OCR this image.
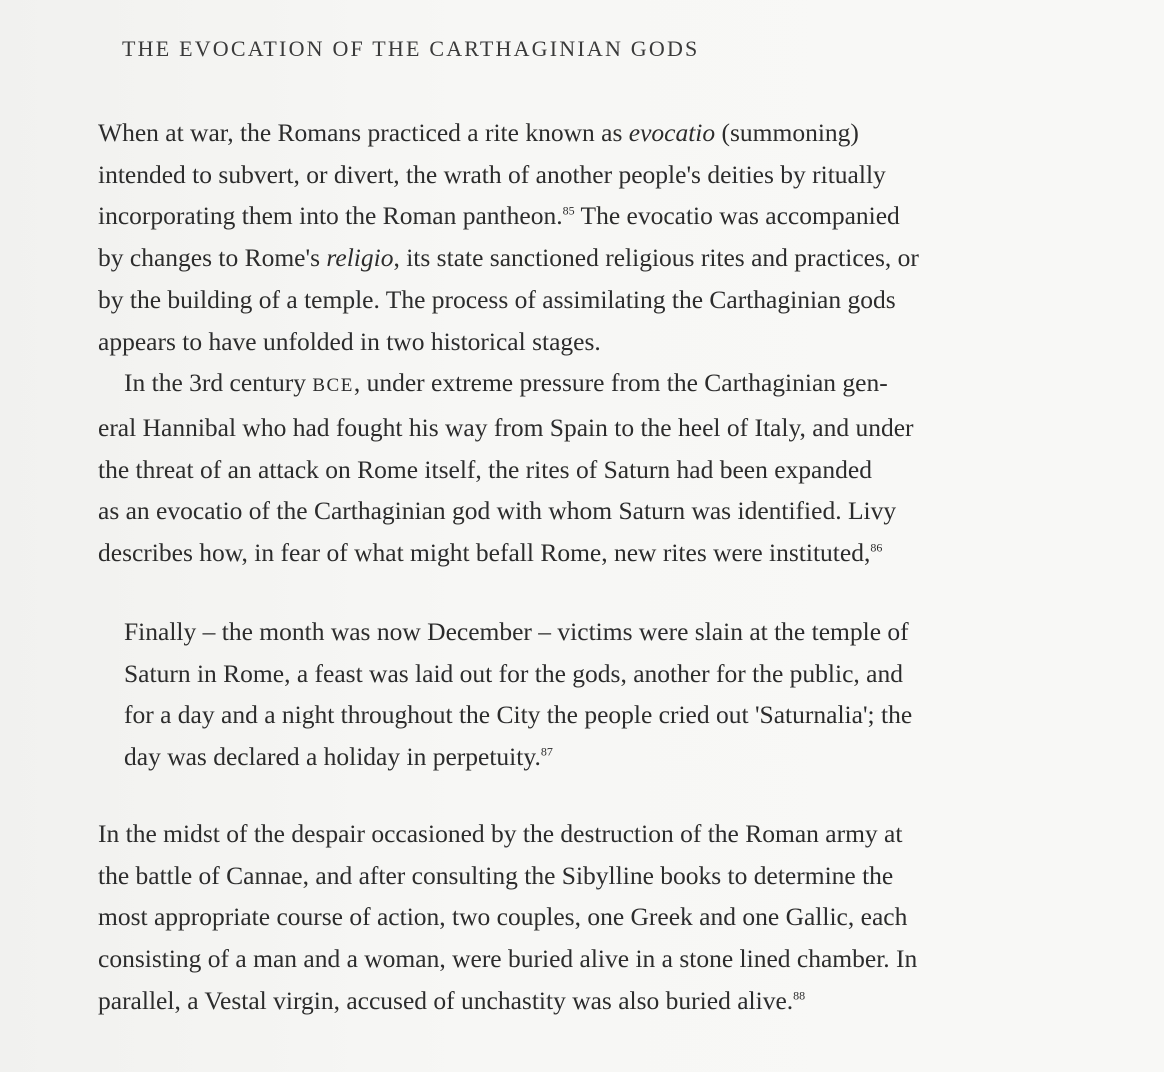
THE EVOCATION OF THE CARTHAGINIAN GODS
When at war, the Romans practiced a rite known as evocatio (summoning)
intended to subvert, or divert, the wrath of another people's deities by ritually
incorporating them into the Roman pantheon.$^{85}$ The evocatio was accompanied
by changes to Rome's religio, its state sanctioned religious rites and practices, or
by the building of a temple. The process of assimilating the Carthaginian gods
appears to have unfolded in two historical stages.
In the 3rd century BCE, under extreme pressure from the Carthaginian gen-
eral Hannibal who had fought his way from Spain to the heel of Italy, and under
the threat of an attack on Rome itself, the rites of Saturn had been expanded
as an evocatio of the Carthaginian god with whom Saturn was identified. Livy
describes how, in fear of what might befall Rome, new rites were instituted,$^{86}$
Finally – the month was now December – victims were slain at the temple of
Saturn in Rome, a feast was laid out for the gods, another for the public, and
for a day and a night throughout the City the people cried out 'Saturnalia'; the
day was declared a holiday in perpetuity.$^{87}$
In the midst of the despair occasioned by the destruction of the Roman army at
the battle of Cannae, and after consulting the Sibylline books to determine the
most appropriate course of action, two couples, one Greek and one Gallic, each
consisting of a man and a woman, were buried alive in a stone lined chamber. In
parallel, a Vestal virgin, accused of unchastity was also buried alive.$^{88}$
